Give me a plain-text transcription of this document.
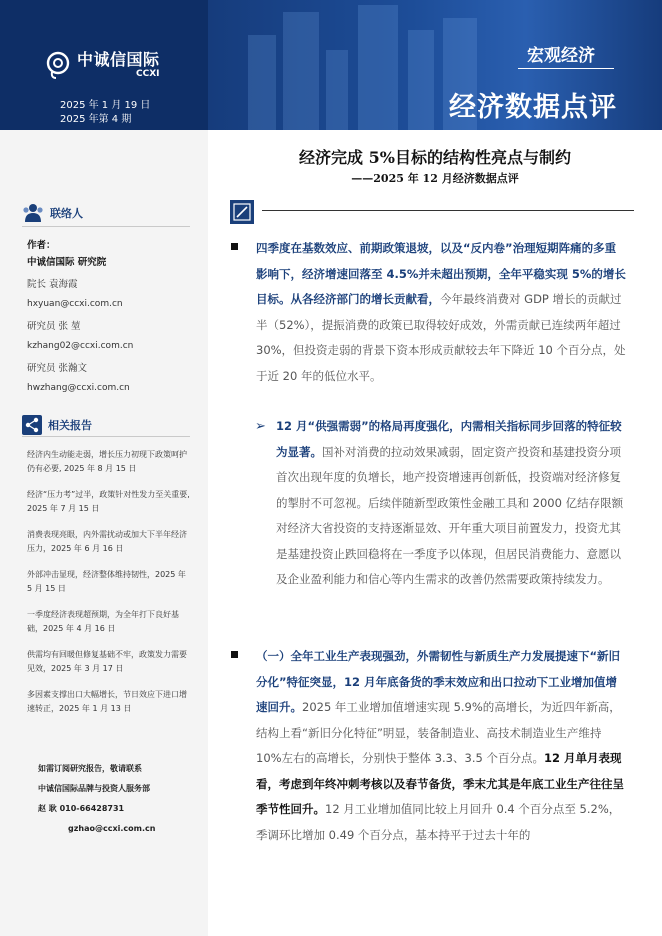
中诚信国际
CCXI
2025 年 1 月 19 日
2025 年第 4 期
宏观经济
经济数据点评
联络人
作者：
中诚信国际 研究院
院长 袁海霞
hxyuan@ccxi.com.cn
研究员 张 堃
kzhang02@ccxi.com.cn
研究员 张瀚文
hwzhang@ccxi.com.cn
相关报告
经济内生动能走弱，增长压力初现下政策呵护仍有必要, 2025 年 8 月 15 日
经济“压力考”过半，政策针对性发力至关重要, 2025 年 7 月 15 日
消费表现亮眼，内外需扰动或加大下半年经济压力，2025 年 6 月 16 日
外部冲击显现，经济整体维持韧性，2025 年 5 月 15 日
一季度经济表现超预期，为全年打下良好基础，2025 年 4 月 16 日
供需均有回暖但修复基础不牢，政策发力需要见效，2025 年 3 月 17 日
多因素支撑出口大幅增长，节日效应下进口增速转正，2025 年 1 月 13 日
如需订阅研究报告，敬请联系
中诚信国际品牌与投资人服务部
赵 耿 010-66428731
gzhao@ccxi.com.cn
经济完成 5%目标的结构性亮点与制约
——2025 年 12 月经济数据点评
四季度在基数效应、前期政策退坡，以及“反内卷”治理短期阵痛的多重影响下，经济增速回落至 4.5%并未超出预期，全年平稳实现 5%的增长目标。从各经济部门的增长贡献看，今年最终消费对 GDP 增长的贡献过半（52%），提振消费的政策已取得较好成效，外需贡献已连续两年超过 30%，但投资走弱的背景下资本形成贡献较去年下降近 10 个百分点，处于近 20 年的低位水平。
➢ 12 月“供强需弱”的格局再度强化，内需相关指标同步回落的特征较为显著。国补对消费的拉动效果减弱，固定资产投资和基建投资分项首次出现年度的负增长，地产投资增速再创新低，投资端对经济修复的掣肘不可忽视。后续伴随新型政策性金融工具和 2000 亿结存限额对经济大省投资的支持逐渐显效、开年重大项目前置发力，投资尤其是基建投资止跌回稳将在一季度予以体现，但居民消费能力、意愿以及企业盈利能力和信心等内生需求的改善仍然需要政策持续发力。
（一）全年工业生产表现强劲，外需韧性与新质生产力发展提速下“新旧分化”特征突显，12 月年底备货的季末效应和出口拉动下工业增加值增速回升。2025 年工业增加值增速实现 5.9%的高增长，为近四年新高，结构上看“新旧分化特征”明显，装备制造业、高技术制造业生产维持 10%左右的高增长，分别快于整体 3.3、3.5 个百分点。12 月单月表现看，考虑到年终冲刺考核以及春节备货，季末尤其是年底工业生产往往呈季节性回升。12 月工业增加值同比较上月回升 0.4 个百分点至 5.2%，季调环比增加 0.49 个百分点，基本持平于过去十年的
